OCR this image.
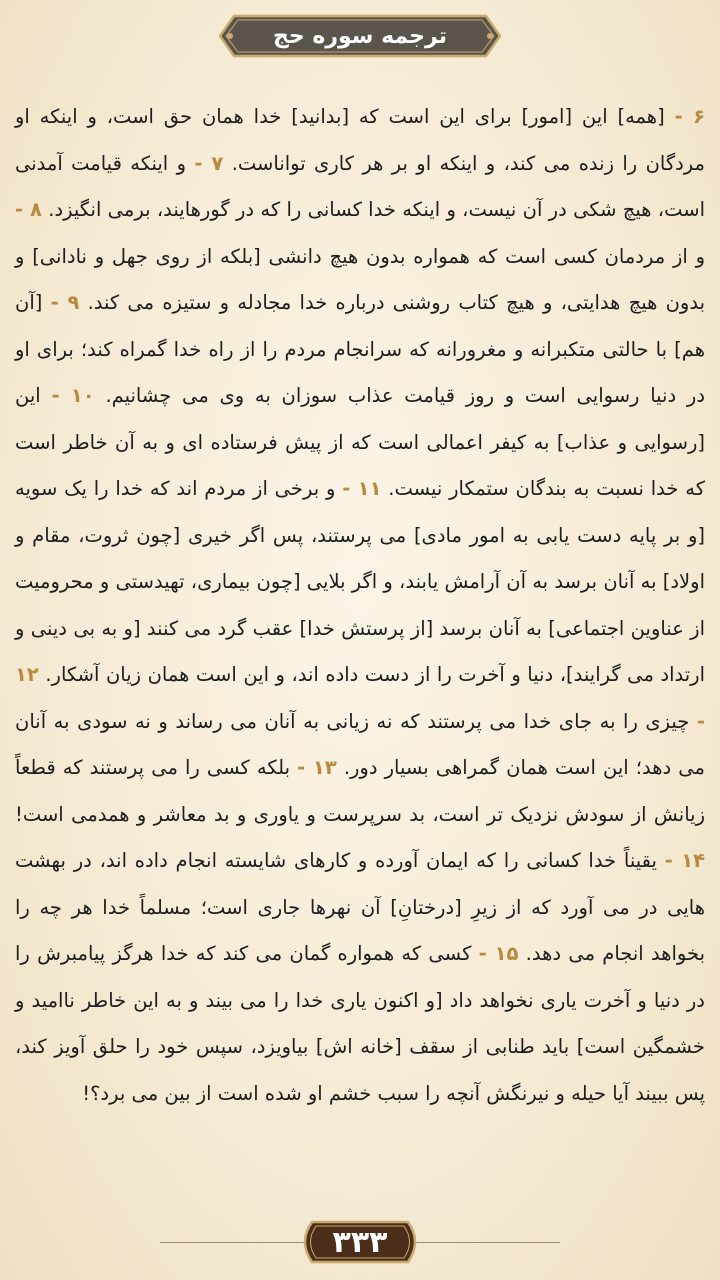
ترجمه سوره حج
۶ - [همه] این [امور] برای این است که [بدانید] خدا همان حق است، و اینکه او مردگان را زنده می کند، و اینکه او بر هر کاری تواناست. ۷ - و اینکه قیامت آمدنی است، هیچ شکی در آن نیست، و اینکه خدا کسانی را که در گورهایند، برمی انگیزد. ۸ - و از مردمان کسی است که همواره بدون هیچ دانشی [بلکه از روی جهل و نادانی] و بدون هیچ هدایتی، و هیچ کتاب روشنی درباره خدا مجادله و ستیزه می کند. ۹ - [آن هم] با حالتی متکبرانه و مغرورانه که سرانجام مردم را از راه خدا گمراه کند؛ برای او در دنیا رسوایی است و روز قیامت عذاب سوزان به وی می چشانیم. ۱۰ - این [رسوایی و عذاب] به کیفر اعمالی است که از پیش فرستاده ای و به آن خاطر است که خدا نسبت به بندگان ستمکار نیست. ۱۱ - و برخی از مردم اند که خدا را یک سویه [و بر پایه دست یابی به امور مادی] می پرستند، پس اگر خیری [چون ثروت، مقام و اولاد] به آنان برسد به آن آرامش یابند، و اگر بلایی [چون بیماری، تهیدستی و محرومیت از عناوین اجتماعی] به آنان برسد [از پرستش خدا] عقب گرد می کنند [و به بی دینی و ارتداد می گرایند]، دنیا و آخرت را از دست داده اند، و این است همان زیان آشکار. ۱۲ - چیزی را به جای خدا می پرستند که نه زیانی به آنان می رساند و نه سودی به آنان می دهد؛ این است همان گمراهی بسیار دور. ۱۳ - بلکه کسی را می پرستند که قطعاً زیانش از سودش نزدیک تر است، بد سرپرست و یاوری و بد معاشر و همدمی است! ۱۴ - یقیناً خدا کسانی را که ایمان آورده و کارهای شایسته انجام داده اند، در بهشت هایی در می آورد که از زیرِ [درختانِ] آن نهرها جاری است؛ مسلماً خدا هر چه را بخواهد انجام می دهد. ۱۵ - کسی که همواره گمان می کند که خدا هرگز پیامبرش را در دنیا و آخرت یاری نخواهد داد [و اکنون یاری خدا را می بیند و به این خاطر ناامید و خشمگین است] باید طنابی از سقف [خانه اش] بیاویزد، سپس خود را حلق آویز کند، پس ببیند آیا حیله و نیرنگش آنچه را سبب خشم او شده است از بین می برد؟!
۳۳۳
